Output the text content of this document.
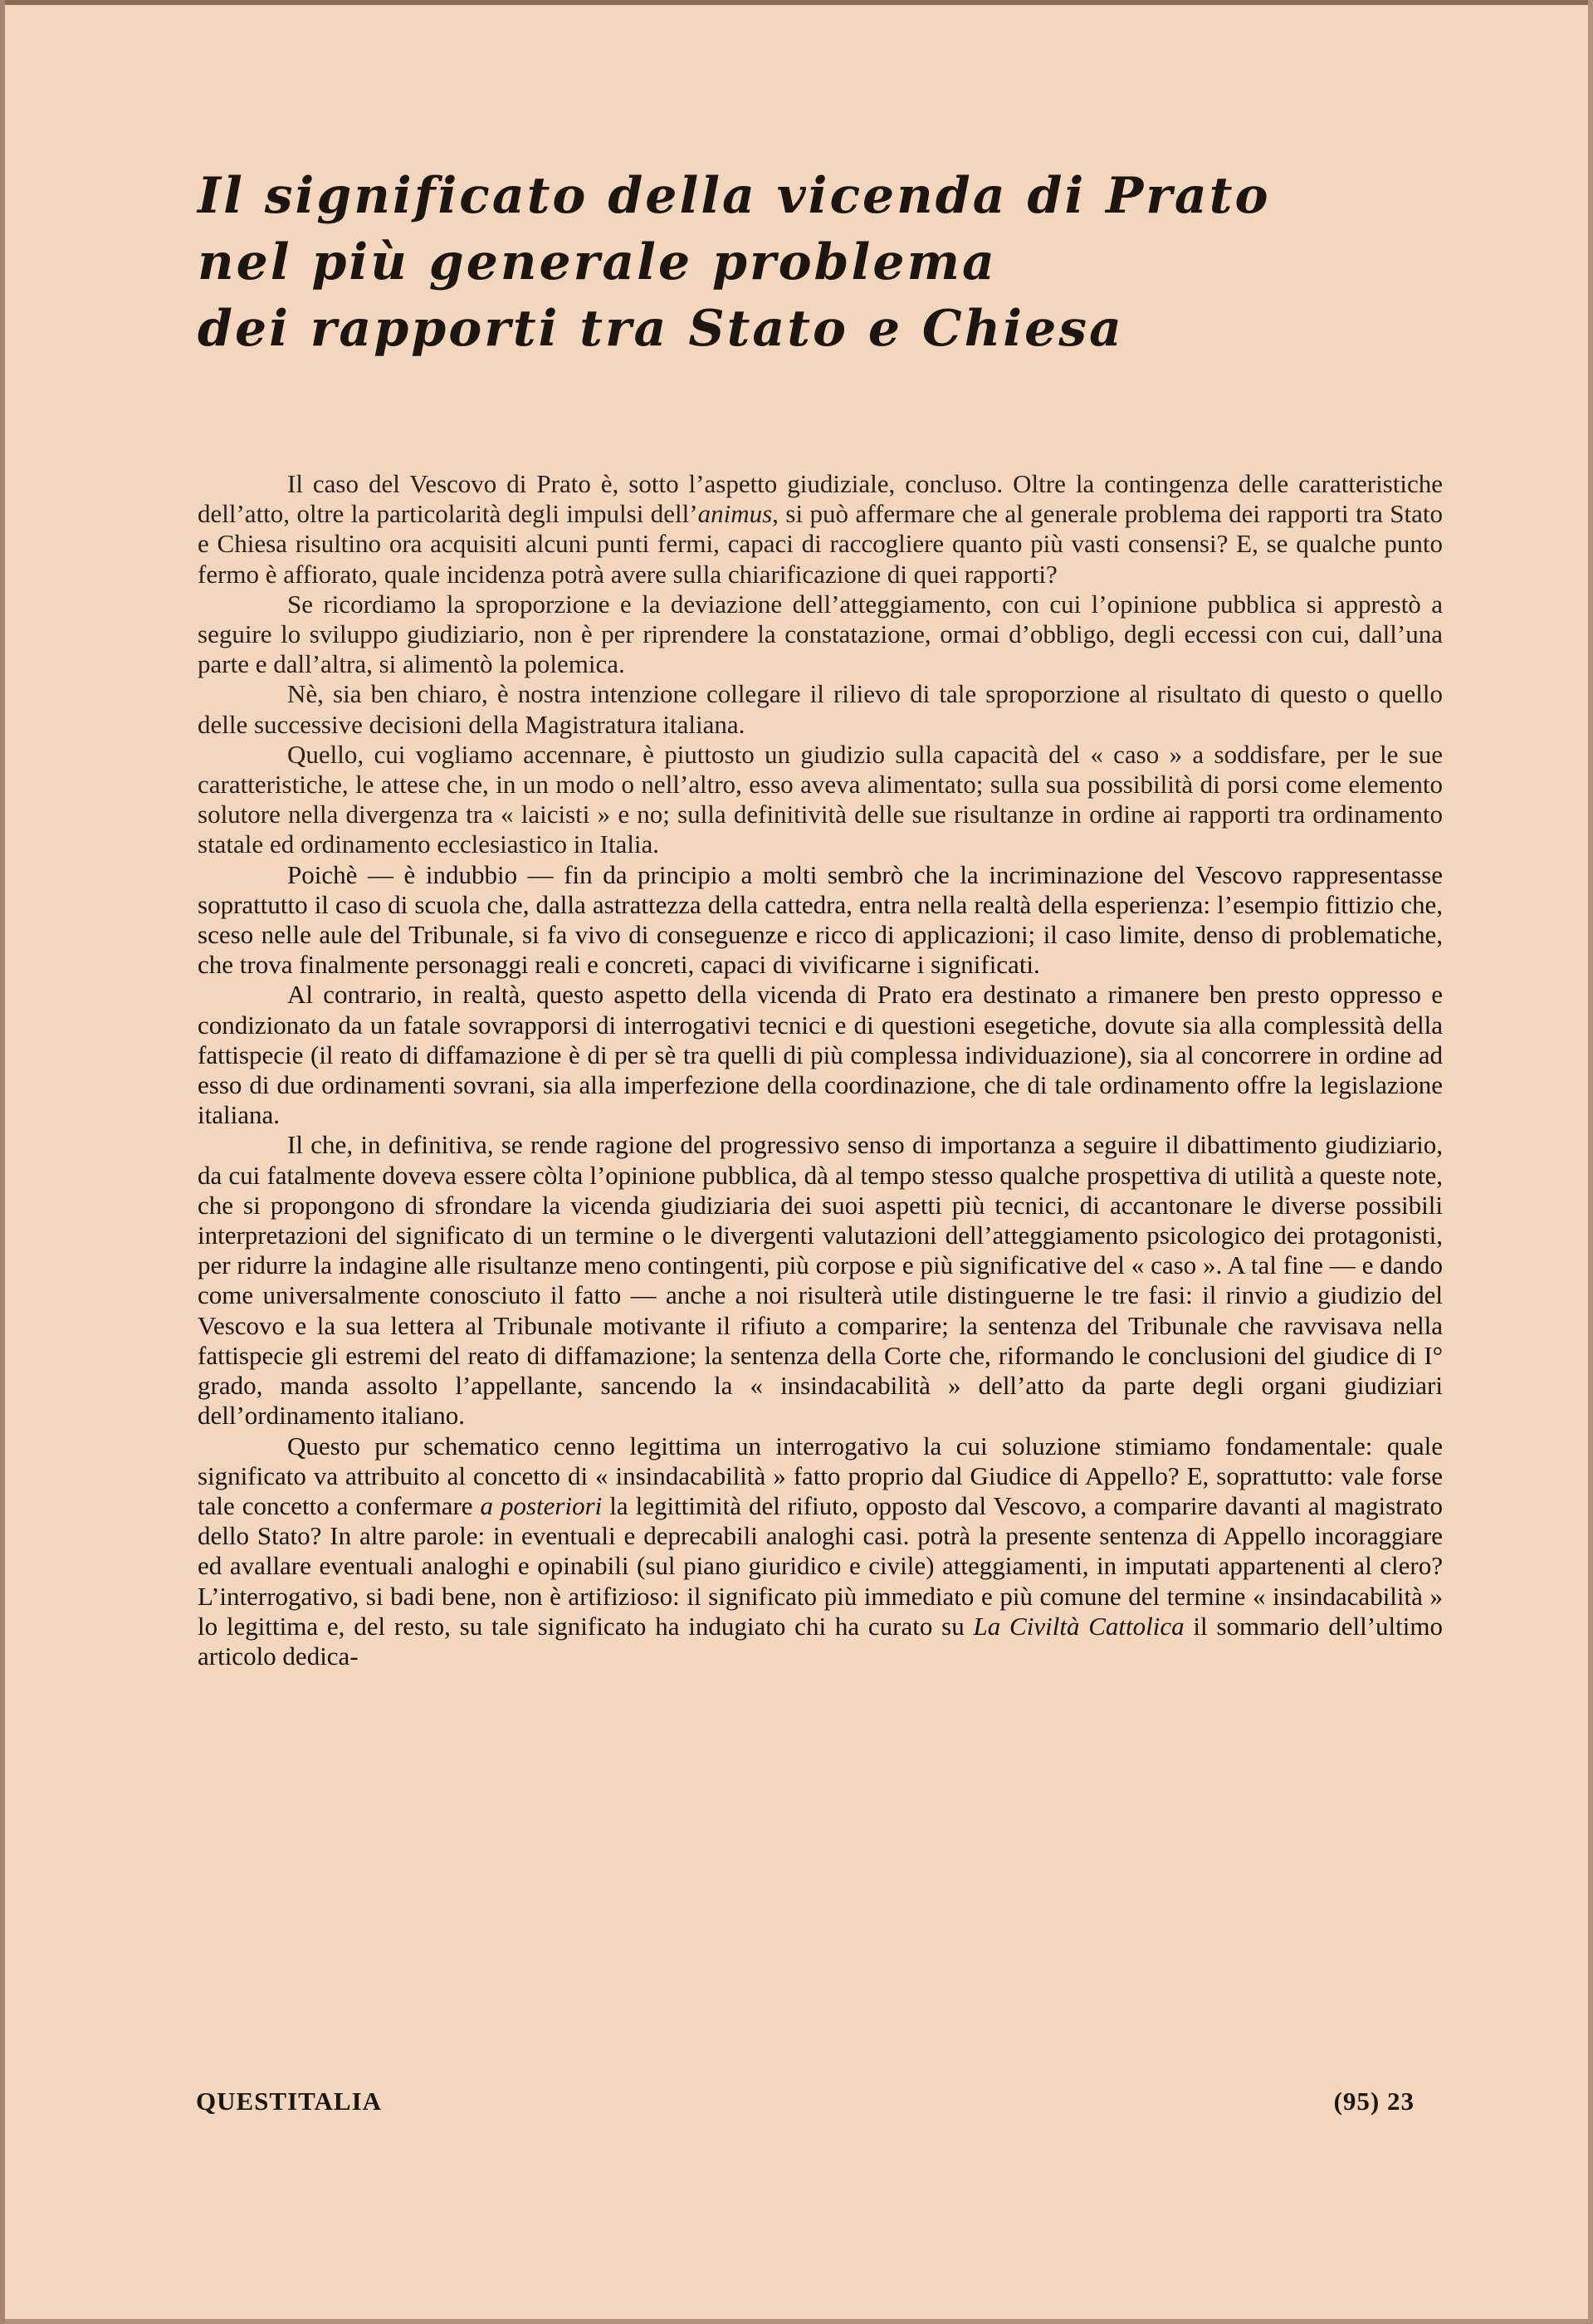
Il significato della vicenda di Prato
nel più generale problema
dei rapporti tra Stato e Chiesa

Il caso del Vescovo di Prato è, sotto l’aspetto giudiziale, concluso. Oltre la contingenza delle caratteristiche dell’atto, oltre la particolarità degli impulsi dell’animus, si può affermare che al generale problema dei rapporti tra Stato e Chiesa risultino ora acquisiti alcuni punti fermi, capaci di raccogliere quanto più vasti consensi? E, se qualche punto fermo è affiorato, quale incidenza potrà avere sulla chiarificazione di quei rapporti?

Se ricordiamo la sproporzione e la deviazione dell’atteggiamento, con cui l’opinione pubblica si apprestò a seguire lo sviluppo giudiziario, non è per riprendere la constatazione, ormai d’obbligo, degli eccessi con cui, dall’una parte e dall’altra, si alimentò la polemica.

Nè, sia ben chiaro, è nostra intenzione collegare il rilievo di tale sproporzione al risultato di questo o quello delle successive decisioni della Magistratura italiana.

Quello, cui vogliamo accennare, è piuttosto un giudizio sulla capacità del « caso » a soddisfare, per le sue caratteristiche, le attese che, in un modo o nell’altro, esso aveva alimentato; sulla sua possibilità di porsi come elemento solutore nella divergenza tra « laicisti » e no; sulla definitività delle sue risultanze in ordine ai rapporti tra ordinamento statale ed ordinamento ecclesiastico in Italia.

Poichè — è indubbio — fin da principio a molti sembrò che la incriminazione del Vescovo rappresentasse soprattutto il caso di scuola che, dalla astrattezza della cattedra, entra nella realtà della esperienza: l’esempio fittizio che, sceso nelle aule del Tribunale, si fa vivo di conseguenze e ricco di applicazioni; il caso limite, denso di problematiche, che trova finalmente personaggi reali e concreti, capaci di vivificarne i significati.

Al contrario, in realtà, questo aspetto della vicenda di Prato era destinato a rimanere ben presto oppresso e condizionato da un fatale sovrapporsi di interrogativi tecnici e di questioni esegetiche, dovute sia alla complessità della fattispecie (il reato di diffamazione è di per sè tra quelli di più complessa individuazione), sia al concorrere in ordine ad esso di due ordinamenti sovrani, sia alla imperfezione della coordinazione, che di tale ordinamento offre la legislazione italiana.

Il che, in definitiva, se rende ragione del progressivo senso di importanza a seguire il dibattimento giudiziario, da cui fatalmente doveva essere còlta l’opinione pubblica, dà al tempo stesso qualche prospettiva di utilità a queste note, che si propongono di sfrondare la vicenda giudiziaria dei suoi aspetti più tecnici, di accantonare le diverse possibili interpretazioni del significato di un termine o le divergenti valutazioni dell’atteggiamento psicologico dei protagonisti, per ridurre la indagine alle risultanze meno contingenti, più corpose e più significative del « caso ». A tal fine — e dando come universalmente conosciuto il fatto — anche a noi risulterà utile distinguerne le tre fasi: il rinvio a giudizio del Vescovo e la sua lettera al Tribunale motivante il rifiuto a comparire; la sentenza del Tribunale che ravvisava nella fattispecie gli estremi del reato di diffamazione; la sentenza della Corte che, riformando le conclusioni del giudice di I° grado, manda assolto l’appellante, sancendo la « insindacabilità » dell’atto da parte degli organi giudiziari dell’ordinamento italiano.

Questo pur schematico cenno legittima un interrogativo la cui soluzione stimiamo fondamentale: quale significato va attribuito al concetto di « insindacabilità » fatto proprio dal Giudice di Appello? E, soprattutto: vale forse tale concetto a confermare a posteriori la legittimità del rifiuto, opposto dal Vescovo, a comparire davanti al magistrato dello Stato? In altre parole: in eventuali e deprecabili analoghi casi. potrà la presente sentenza di Appello incoraggiare ed avallare eventuali analoghi e opinabili (sul piano giuridico e civile) atteggiamenti, in imputati appartenenti al clero? L’interrogativo, si badi bene, non è artifizioso: il significato più immediato e più comune del termine « insindacabilità » lo legittima e, del resto, su tale significato ha indugiato chi ha curato su La Civiltà Cattolica il sommario dell’ultimo articolo dedica-

QUESTITALIA	(95) 23
